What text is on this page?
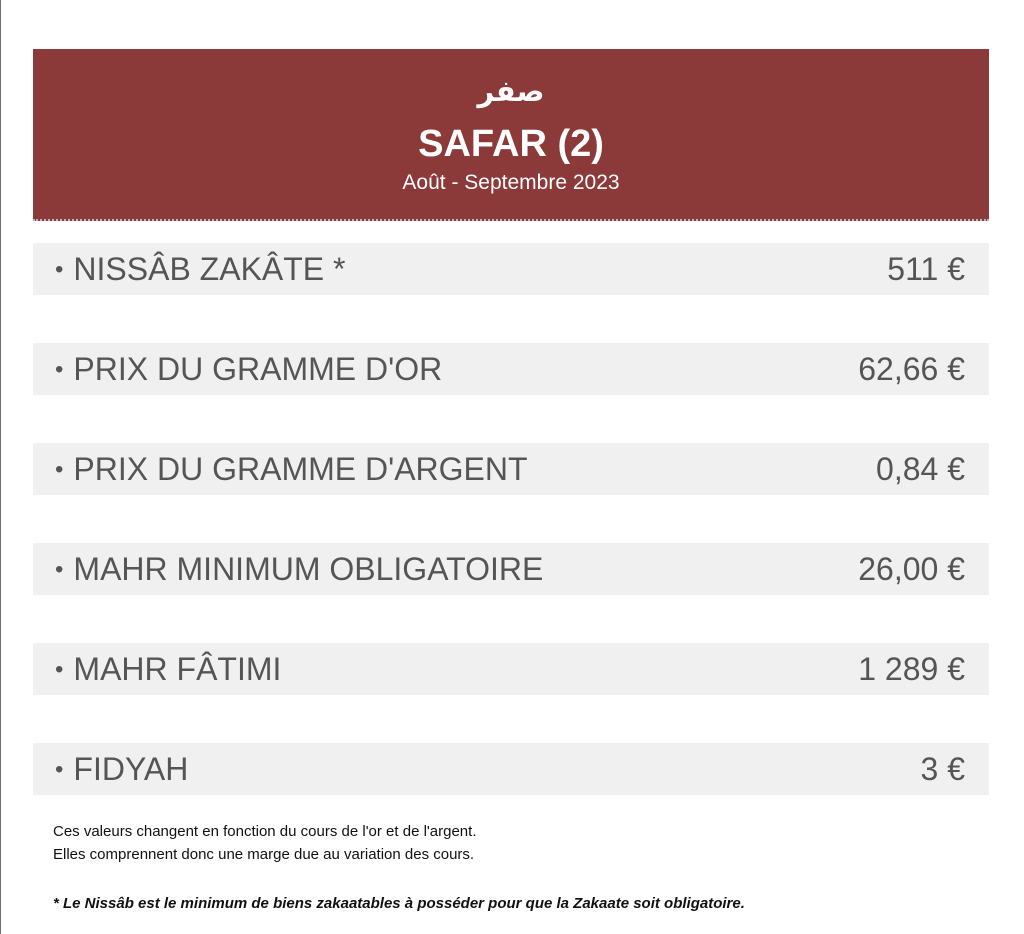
صفر
SAFAR (2)
Août - Septembre 2023
• NISSÂB ZAKÂTE *	511 €
• PRIX DU GRAMME D'OR	62,66 €
• PRIX DU GRAMME D'ARGENT	0,84 €
• MAHR MINIMUM OBLIGATOIRE	26,00 €
• MAHR FÂTIMI	1 289 €
• FIDYAH	3 €
Ces valeurs changent en fonction du cours de l'or et de l'argent.
Elles comprennent donc une marge due au variation des cours.
* Le Nissâb est le minimum de biens zakaatables à posséder pour que la Zakaate soit obligatoire.
